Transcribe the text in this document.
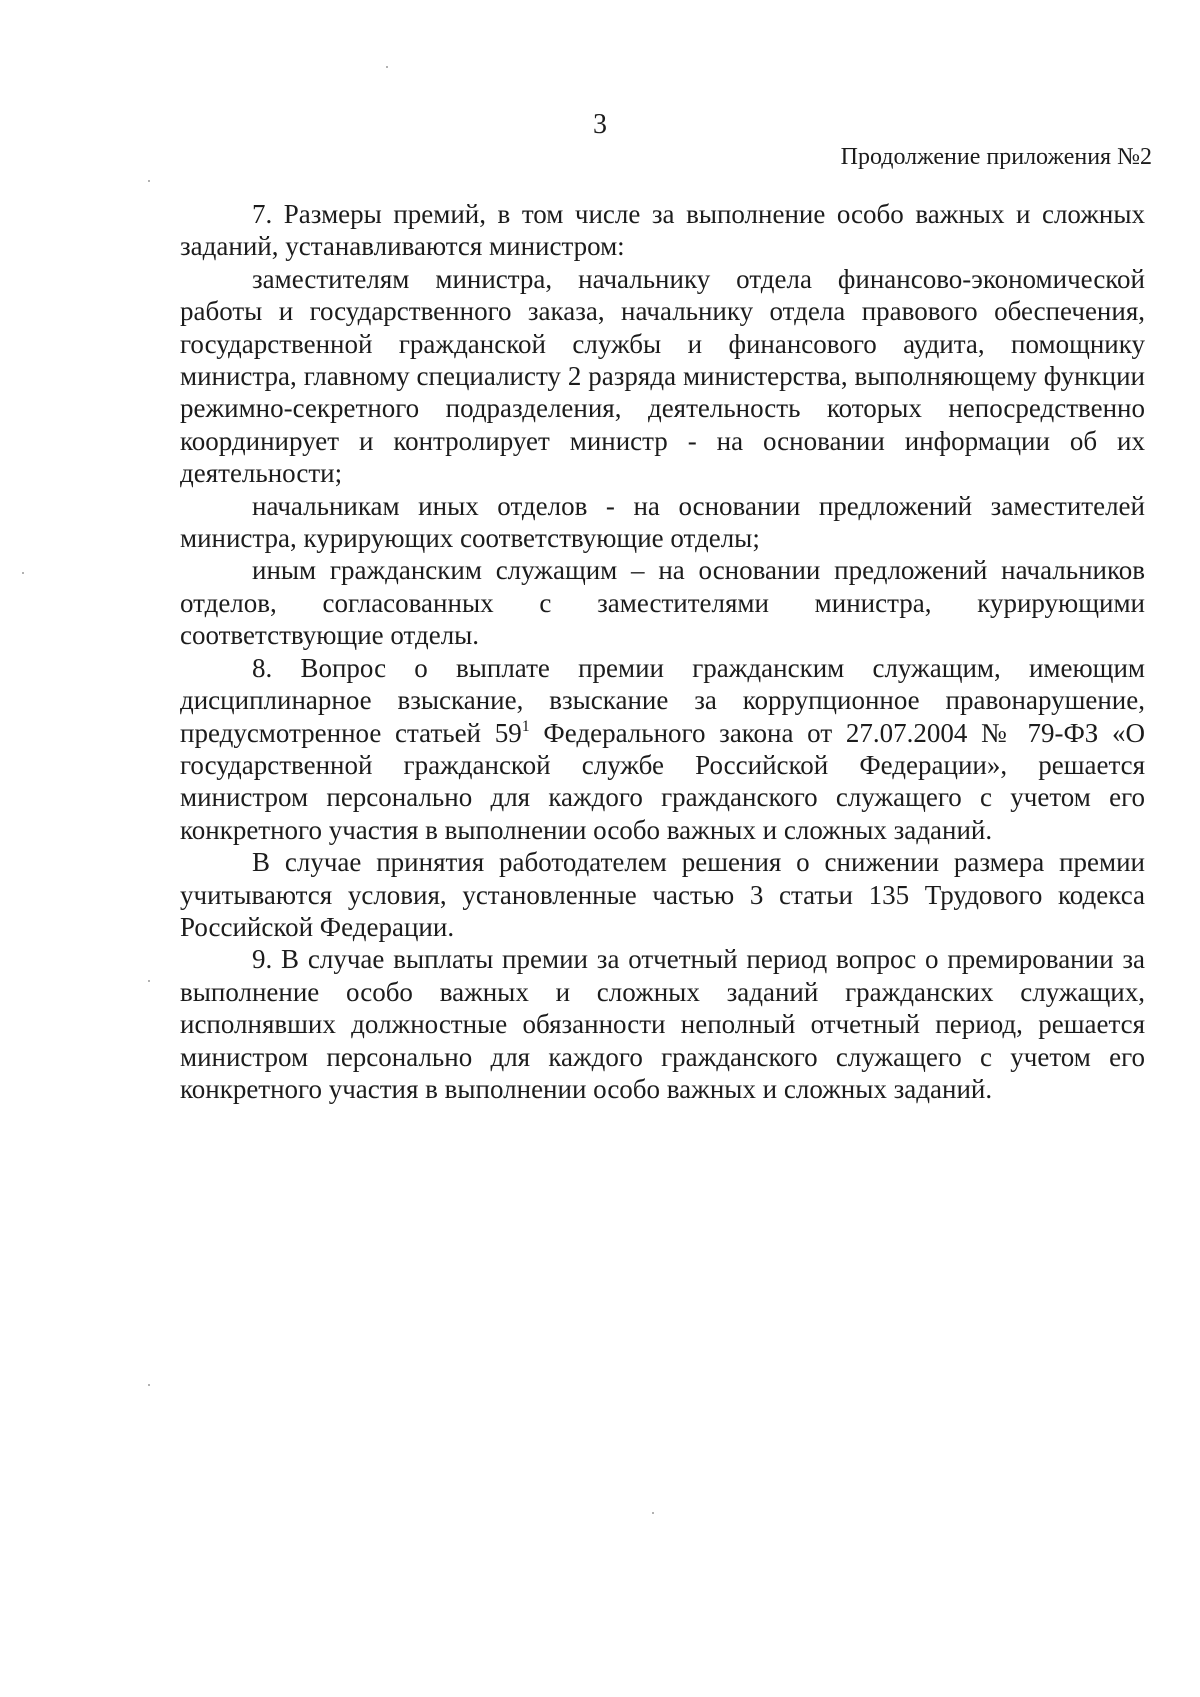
3
Продолжение приложения №2

7. Размеры премий, в том числе за выполнение особо важных и сложных заданий, устанавливаются министром:

заместителям министра, начальнику отдела финансово-экономической работы и государственного заказа, начальнику отдела правового обеспечения, государственной гражданской службы и финансового аудита, помощнику министра, главному специалисту 2 разряда министерства, выполняющему функции режимно-секретного подразделения, деятельность которых непосредственно координирует и контролирует министр - на основании информации об их деятельности;

начальникам иных отделов - на основании предложений заместителей министра, курирующих соответствующие отделы;

иным гражданским служащим – на основании предложений начальников отделов, согласованных с заместителями министра, курирующими соответствующие отделы.

8. Вопрос о выплате премии гражданским служащим, имеющим дисциплинарное взыскание, взыскание за коррупционное правонарушение, предусмотренное статьей 59$^1$ Федерального закона от 27.07.2004 № 79-ФЗ «О государственной гражданской службе Российской Федерации», решается министром персонально для каждого гражданского служащего с учетом его конкретного участия в выполнении особо важных и сложных заданий.

В случае принятия работодателем решения о снижении размера премии учитываются условия, установленные частью 3 статьи 135 Трудового кодекса Российской Федерации.

9. В случае выплаты премии за отчетный период вопрос о премировании за выполнение особо важных и сложных заданий гражданских служащих, исполнявших должностные обязанности неполный отчетный период, решается министром персонально для каждого гражданского служащего с учетом его конкретного участия в выполнении особо важных и сложных заданий.
